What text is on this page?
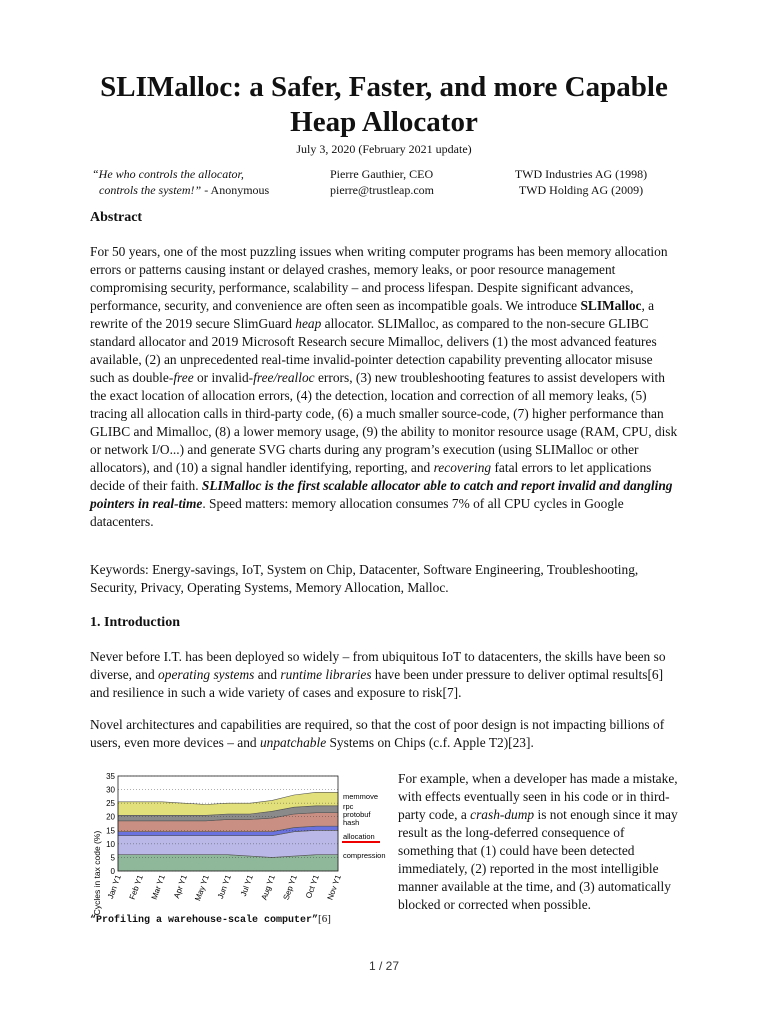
SLIMalloc: a Safer, Faster, and more Capable
Heap Allocator
July 3, 2020 (February 2021 update)
“He who controls the allocator,
controls the system!” - Anonymous
Pierre Gauthier, CEO
pierre@trustleap.com
TWD Industries AG (1998)
TWD Holding AG (2009)
Abstract
For 50 years, one of the most puzzling issues when writing computer programs has been memory allocation errors or patterns causing instant or delayed crashes, memory leaks, or poor resource management compromising security, performance, scalability – and process lifespan. Despite significant advances, performance, security, and convenience are often seen as incompatible goals. We introduce SLIMalloc, a rewrite of the 2019 secure SlimGuard heap allocator. SLIMalloc, as compared to the non-secure GLIBC standard allocator and 2019 Microsoft Research secure Mimalloc, delivers (1) the most advanced features available, (2) an unprecedented real-time invalid-pointer detection capability preventing allocator misuse such as double-free or invalid-free/realloc errors, (3) new troubleshooting features to assist developers with the exact location of allocation errors, (4) the detection, location and correction of all memory leaks, (5) tracing all allocation calls in third-party code, (6) a much smaller source-code, (7) higher performance than GLIBC and Mimalloc, (8) a lower memory usage, (9) the ability to monitor resource usage (RAM, CPU, disk or network I/O...) and generate SVG charts during any program’s execution (using SLIMalloc or other allocators), and (10) a signal handler identifying, reporting, and recovering fatal errors to let applications decide of their faith. SLIMalloc is the first scalable allocator able to catch and report invalid and dangling pointers in real-time. Speed matters: memory allocation consumes 7% of all CPU cycles in Google datacenters.
Keywords: Energy-savings, IoT, System on Chip, Datacenter, Software Engineering, Troubleshooting, Security, Privacy, Operating Systems, Memory Allocation, Malloc.
1. Introduction
Never before I.T. has been deployed so widely – from ubiquitous IoT to datacenters, the skills have been so diverse, and operating systems and runtime libraries have been under pressure to deliver optimal results[6] and resilience in such a wide variety of cases and exposure to risk[7].
Novel architectures and capabilities are required, so that the cost of poor design is not impacting billions of users, even more devices – and unpatchable Systems on Chips (c.f. Apple T2)[23].
For example, when a developer has made a mistake, with effects eventually seen in his code or in third-party code, a crash-dump is not enough since it may result as the long-deferred consequence of something that (1) could have been detected immediately, (2) reported in the most intelligible manner available at the time, and (3) automatically blocked or corrected when possible.
0
5
10
15
20
25
30
35
Jan Y1 Feb Y1 Mar Y1 Apr Y1 May Y1 Jun Y1 Jul Y1 Aug Y1 Sep Y1 Oct Y1 Nov Y1
compression
allocation
hash
protobuf
rpc
memmove
Cycles in tax code (%)
“Profiling a warehouse-scale computer”[6]
1 / 27
